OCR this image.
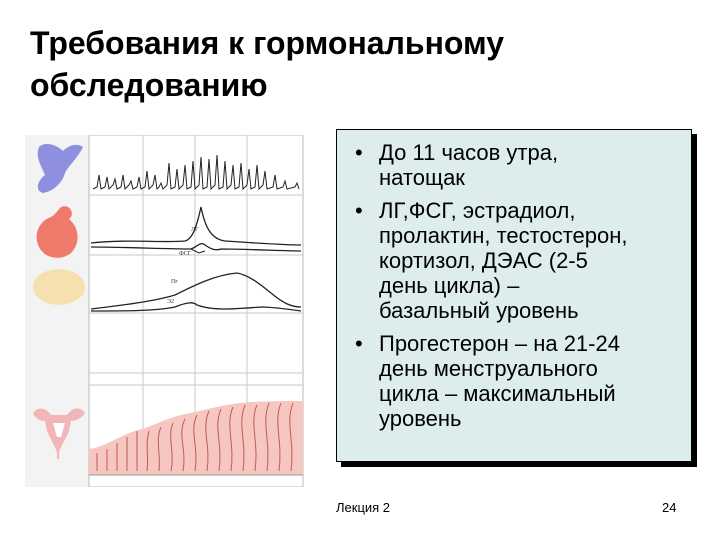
Требования к гормональному
обследованию
ЛГ
ФСГ
Пг
Э2
• До 11 часов утра,
натощак
• ЛГ,ФСГ, эстрадиол,
пролактин, тестостерон,
кортизол, ДЭАС (2-5
день цикла) –
базальный уровень
• Прогестерон – на 21-24
день менструального
цикла – максимальный
уровень
Лекция 2	24
